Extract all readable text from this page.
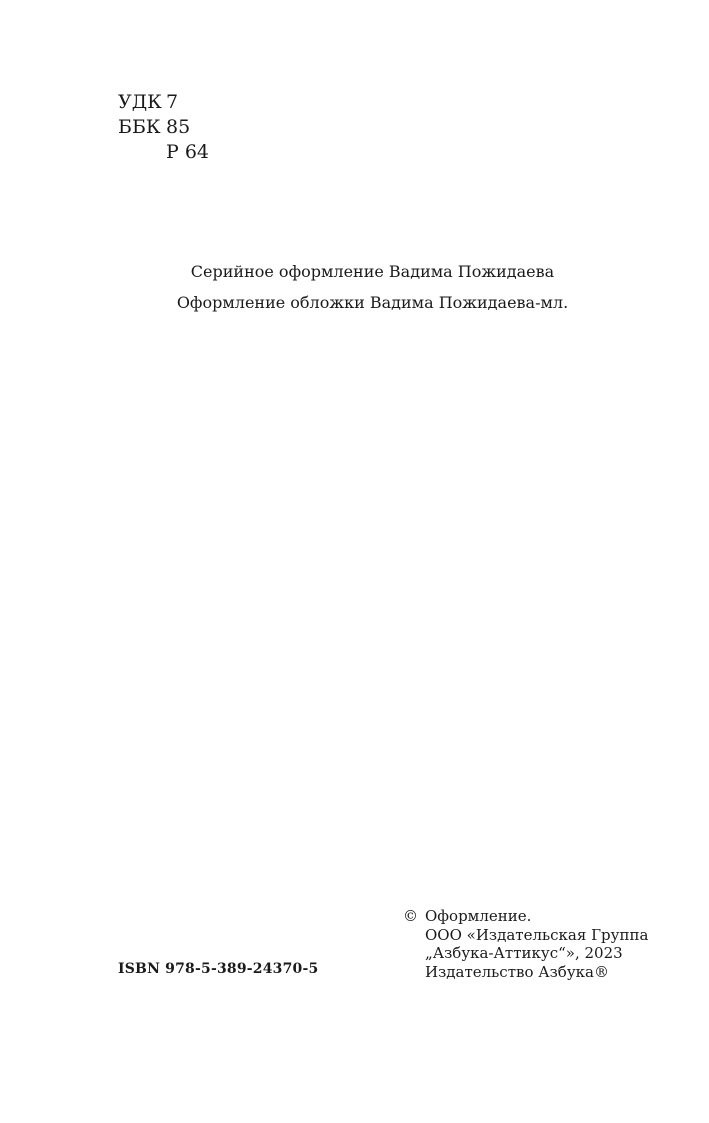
УДК 7
ББК 85
Р 64
Серийное оформление Вадима Пожидаева
Оформление обложки Вадима Пожидаева-мл.
ISBN 978-5-389-24370-5
© Оформление.
ООО «Издательская Группа
„Азбука-Аттикус“», 2023
Издательство Азбука®
